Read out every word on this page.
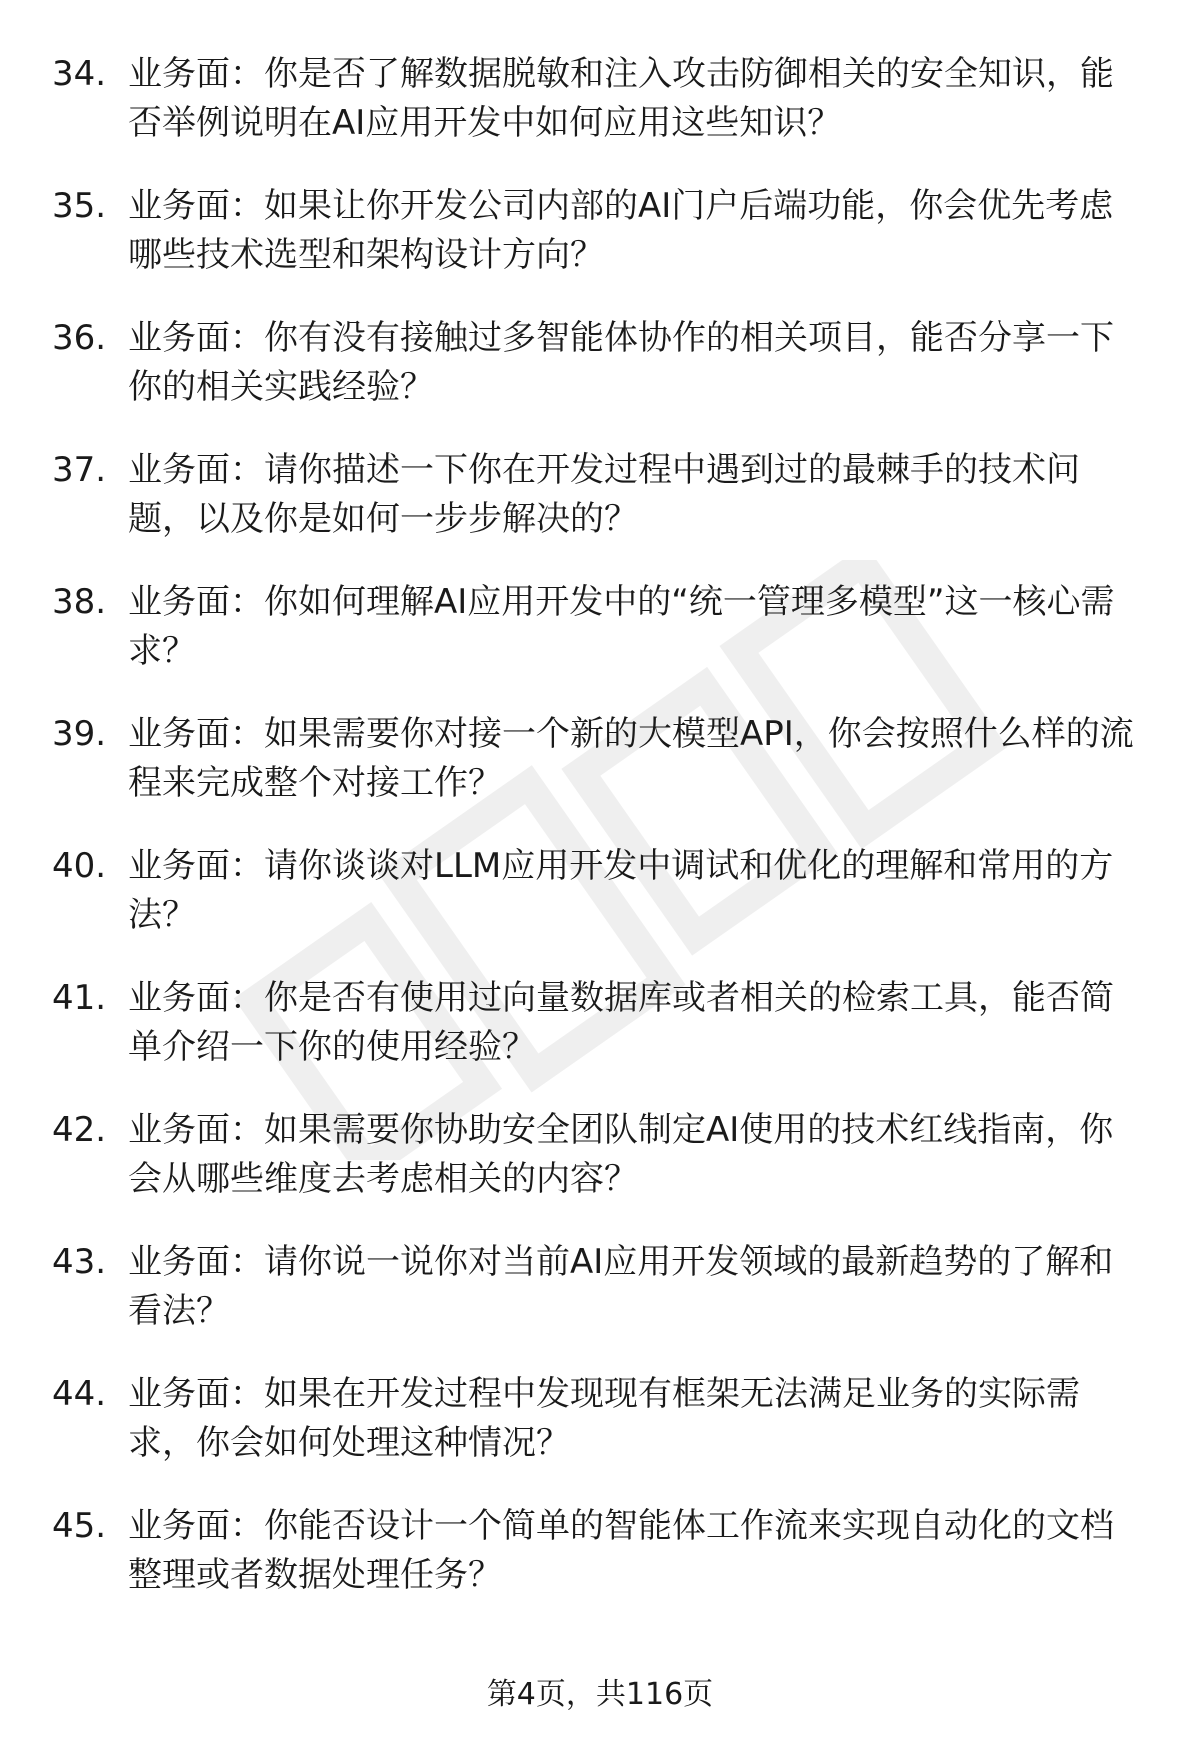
34. 业务面：你是否了解数据脱敏和注入攻击防御相关的安全知识，能否举例说明在AI应用开发中如何应用这些知识？
35. 业务面：如果让你开发公司内部的AI门户后端功能，你会优先考虑哪些技术选型和架构设计方向？
36. 业务面：你有没有接触过多智能体协作的相关项目，能否分享一下你的相关实践经验？
37. 业务面：请你描述一下你在开发过程中遇到过的最棘手的技术问题，以及你是如何一步步解决的？
38. 业务面：你如何理解AI应用开发中的“统一管理多模型”这一核心需求？
39. 业务面：如果需要你对接一个新的大模型API，你会按照什么样的流程来完成整个对接工作？
40. 业务面：请你谈谈对LLM应用开发中调试和优化的理解和常用的方法？
41. 业务面：你是否有使用过向量数据库或者相关的检索工具，能否简单介绍一下你的使用经验？
42. 业务面：如果需要你协助安全团队制定AI使用的技术红线指南，你会从哪些维度去考虑相关的内容？
43. 业务面：请你说一说你对当前AI应用开发领域的最新趋势的了解和看法？
44. 业务面：如果在开发过程中发现现有框架无法满足业务的实际需求，你会如何处理这种情况？
45. 业务面：你能否设计一个简单的智能体工作流来实现自动化的文档整理或者数据处理任务？
第4页，共116页
